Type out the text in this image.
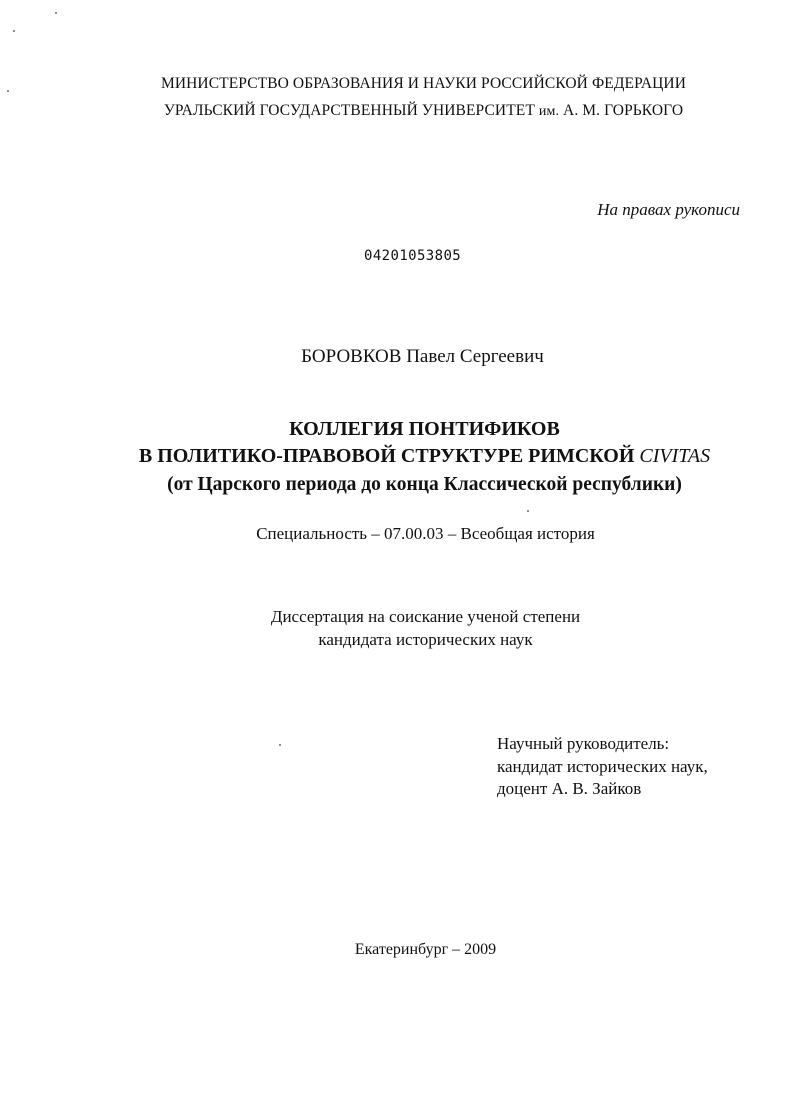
МИНИСТЕРСТВО ОБРАЗОВАНИЯ И НАУКИ РОССИЙСКОЙ ФЕДЕРАЦИИ
УРАЛЬСКИЙ ГОСУДАРСТВЕННЫЙ УНИВЕРСИТЕТ им. А. М. ГОРЬКОГО
На правах рукописи
04201053805
БОРОВКОВ Павел Сергеевич
КОЛЛЕГИЯ ПОНТИФИКОВ
В ПОЛИТИКО-ПРАВОВОЙ СТРУКТУРЕ РИМСКОЙ CIVITAS
(от Царского периода до конца Классической республики)
Специальность – 07.00.03 – Всеобщая история
Диссертация на соискание ученой степени
кандидата исторических наук
Научный руководитель:
кандидат исторических наук,
доцент А. В. Зайков
Екатеринбург – 2009
